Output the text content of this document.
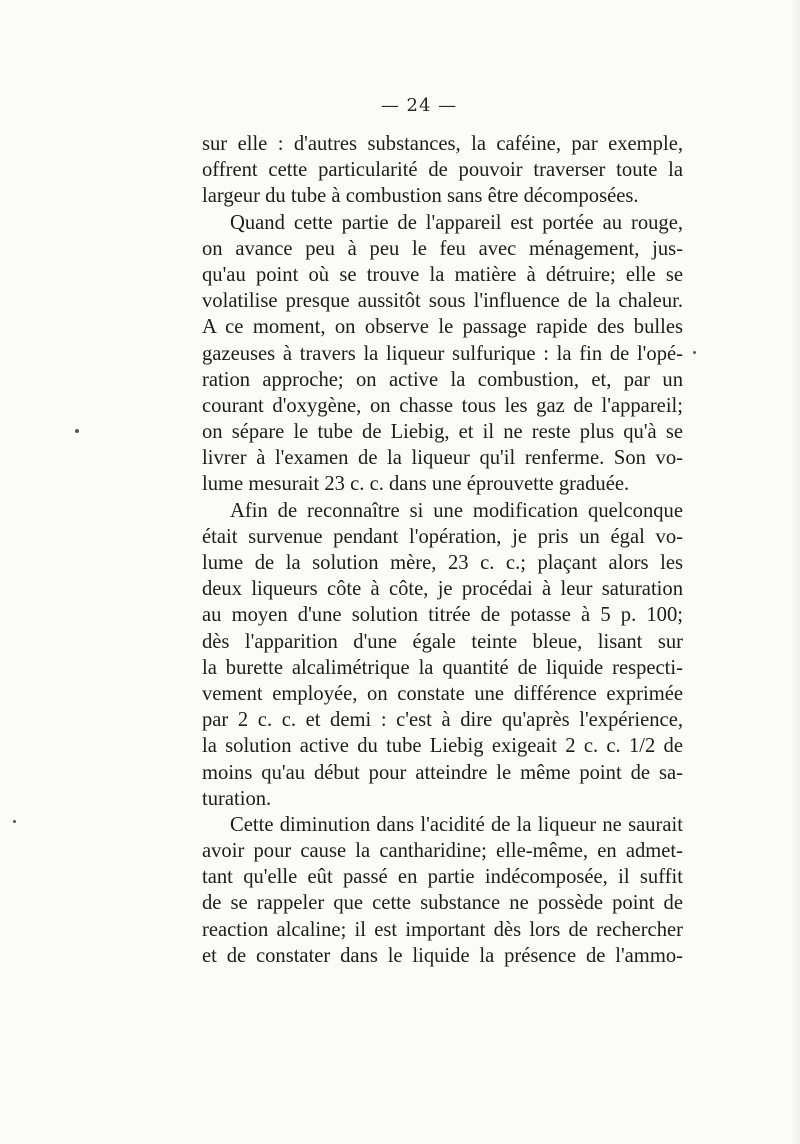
— 24 —
sur elle : d'autres substances, la caféine, par exemple,
offrent cette particularité de pouvoir traverser toute la
largeur du tube à combustion sans être décomposées.
Quand cette partie de l'appareil est portée au rouge,
on avance peu à peu le feu avec ménagement, jus-
qu'au point où se trouve la matière à détruire; elle se
volatilise presque aussitôt sous l'influence de la chaleur.
A ce moment, on observe le passage rapide des bulles
gazeuses à travers la liqueur sulfurique : la fin de l'opé-
ration approche; on active la combustion, et, par un
courant d'oxygène, on chasse tous les gaz de l'appareil;
on sépare le tube de Liebig, et il ne reste plus qu'à se
livrer à l'examen de la liqueur qu'il renferme. Son vo-
lume mesurait 23 c. c. dans une éprouvette graduée.
Afin de reconnaître si une modification quelconque
était survenue pendant l'opération, je pris un égal vo-
lume de la solution mère, 23 c. c.; plaçant alors les
deux liqueurs côte à côte, je procédai à leur saturation
au moyen d'une solution titrée de potasse à 5 p. 100;
dès l'apparition d'une égale teinte bleue, lisant sur
la burette alcalimétrique la quantité de liquide respecti-
vement employée, on constate une différence exprimée
par 2 c. c. et demi : c'est à dire qu'après l'expérience,
la solution active du tube Liebig exigeait 2 c. c. 1/2 de
moins qu'au début pour atteindre le même point de sa-
turation.
Cette diminution dans l'acidité de la liqueur ne saurait
avoir pour cause la cantharidine; elle-même, en admet-
tant qu'elle eût passé en partie indécomposée, il suffit
de se rappeler que cette substance ne possède point de
reaction alcaline; il est important dès lors de rechercher
et de constater dans le liquide la présence de l'ammo-
